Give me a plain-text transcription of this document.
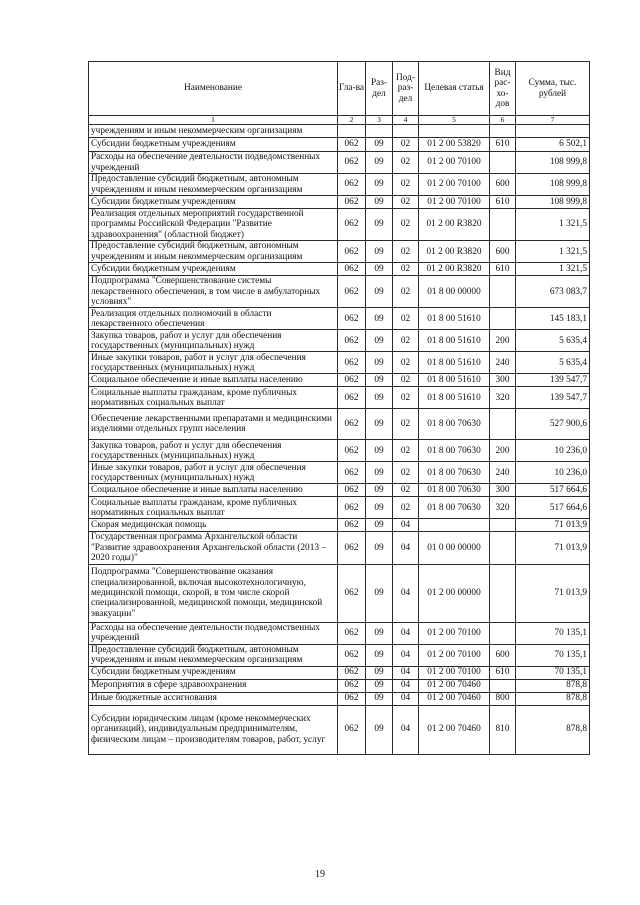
Наименование	Гла-ва	Раз-дел	Под-раз-дел	Целевая статья	Вид рас-хо-дов	Сумма, тыс. рублей
1	2	3	4	5	6	7
учреждениям и иным некоммерческим организациям						
Субсидии бюджетным учреждениям	062	09	02	01 2 00 53820	610	6 502,1
Расходы на обеспечение деятельности подведомственных учреждений	062	09	02	01 2 00 70100		108 999,8
Предоставление субсидий бюджетным, автономным учреждениям и иным некоммерческим организациям	062	09	02	01 2 00 70100	600	108 999,8
Субсидии бюджетным учреждениям	062	09	02	01 2 00 70100	610	108 999,8
Реализация отдельных мероприятий государственной программы Российской Федерации "Развитие здравоохранения" (областной бюджет)	062	09	02	01 2 00 R3820		1 321,5
Предоставление субсидий бюджетным, автономным учреждениям и иным некоммерческим организациям	062	09	02	01 2 00 R3820	600	1 321,5
Субсидии бюджетным учреждениям	062	09	02	01 2 00 R3820	610	1 321,5
Подпрограмма "Совершенствование системы лекарственного обеспечения, в том числе в амбулаторных условиях"	062	09	02	01 8 00 00000		673 083,7
Реализация отдельных полномочий в области лекарственного обеспечения	062	09	02	01 8 00 51610		145 183,1
Закупка товаров, работ и услуг для обеспечения государственных (муниципальных) нужд	062	09	02	01 8 00 51610	200	5 635,4
Иные закупки товаров, работ и услуг для обеспечения государственных (муниципальных) нужд	062	09	02	01 8 00 51610	240	5 635,4
Социальное обеспечение и иные выплаты населению	062	09	02	01 8 00 51610	300	139 547,7
Социальные выплаты гражданам, кроме публичных нормативных социальных выплат	062	09	02	01 8 00 51610	320	139 547,7
Обеспечение лекарственными препаратами и медицинскими изделиями отдельных групп населения	062	09	02	01 8 00 70630		527 900,6
Закупка товаров, работ и услуг для обеспечения государственных (муниципальных) нужд	062	09	02	01 8 00 70630	200	10 236,0
Иные закупки товаров, работ и услуг для обеспечения государственных (муниципальных) нужд	062	09	02	01 8 00 70630	240	10 236,0
Социальное обеспечение и иные выплаты населению	062	09	02	01 8 00 70630	300	517 664,6
Социальные выплаты гражданам, кроме публичных нормативных социальных выплат	062	09	02	01 8 00 70630	320	517 664,6
Скорая медицинская помощь	062	09	04			71 013,9
Государственная программа Архангельской области "Развитие здравоохранения Архангельской области (2013 – 2020 годы)"	062	09	04	01 0 00 00000		71 013,9
Подпрограмма "Совершенствование оказания специализированной, включая высокотехнологичную, медицинской помощи, скорой, в том числе скорой специализированной, медицинской помощи, медицинской эвакуации"	062	09	04	01 2 00 00000		71 013,9
Расходы на обеспечение деятельности подведомственных учреждений	062	09	04	01 2 00 70100		70 135,1
Предоставление субсидий бюджетным, автономным учреждениям и иным некоммерческим организациям	062	09	04	01 2 00 70100	600	70 135,1
Субсидии бюджетным учреждениям	062	09	04	01 2 00 70100	610	70 135,1
Мероприятия в сфере здравоохранения	062	09	04	01 2 00 70460		878,8
Иные бюджетные ассигнования	062	09	04	01 2 00 70460	800	878,8
Субсидии юридическим лицам (кроме некоммерческих организаций), индивидуальным предпринимателям, физическим лицам – производителям товаров, работ, услуг	062	09	04	01 2 00 70460	810	878,8
19
